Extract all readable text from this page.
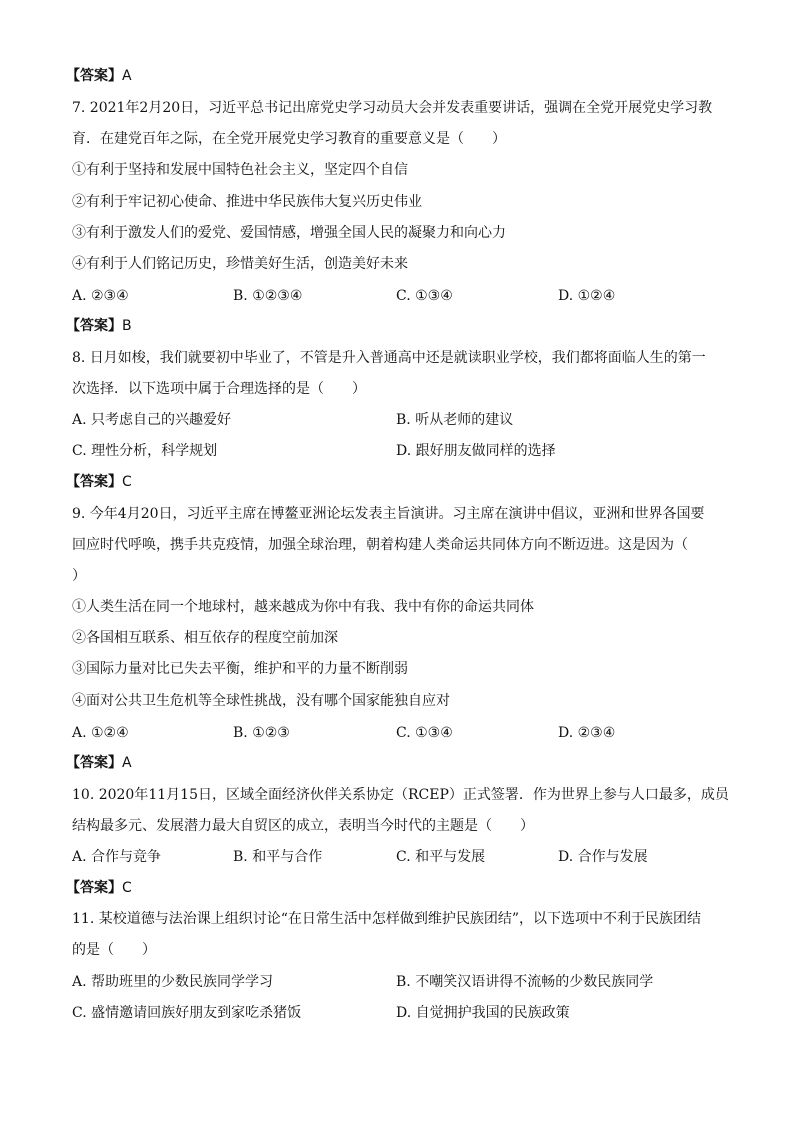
【答案】A
7. 2021年2月20日，习近平总书记出席党史学习动员大会并发表重要讲话，强调在全党开展党史学习教
育．在建党百年之际，在全党开展党史学习教育的重要意义是（　　）
①有利于坚持和发展中国特色社会主义，坚定四个自信
②有利于牢记初心使命、推进中华民族伟大复兴历史伟业
③有利于激发人们的爱党、爱国情感，增强全国人民的凝聚力和向心力
④有利于人们铭记历史，珍惜美好生活，创造美好未来
A. ②③④	B. ①②③④	C. ①③④	D. ①②④
【答案】B
8. 日月如梭，我们就要初中毕业了，不管是升入普通高中还是就读职业学校，我们都将面临人生的第一
次选择．以下选项中属于合理选择的是（　　）
A. 只考虑自己的兴趣爱好	B. 听从老师的建议
C. 理性分析，科学规划	D. 跟好朋友做同样的选择
【答案】C
9. 今年4月20日，习近平主席在博鳌亚洲论坛发表主旨演讲。习主席在演讲中倡议，亚洲和世界各国要
回应时代呼唤，携手共克疫情，加强全球治理，朝着构建人类命运共同体方向不断迈进。这是因为（
）
①人类生活在同一个地球村，越来越成为你中有我、我中有你的命运共同体
②各国相互联系、相互依存的程度空前加深
③国际力量对比已失去平衡，维护和平的力量不断削弱
④面对公共卫生危机等全球性挑战，没有哪个国家能独自应对
A. ①②④	B. ①②③	C. ①③④	D. ②③④
【答案】A
10. 2020年11月15日，区域全面经济伙伴关系协定（RCEP）正式签署．作为世界上参与人口最多，成员
结构最多元、发展潜力最大自贸区的成立，表明当今时代的主题是（　　）
A. 合作与竞争	B. 和平与合作	C. 和平与发展	D. 合作与发展
【答案】C
11. 某校道德与法治课上组织讨论“在日常生活中怎样做到维护民族团结”，以下选项中不利于民族团结
的是（　　）
A. 帮助班里的少数民族同学学习	B. 不嘲笑汉语讲得不流畅的少数民族同学
C. 盛情邀请回族好朋友到家吃杀猪饭	D. 自觉拥护我国的民族政策
